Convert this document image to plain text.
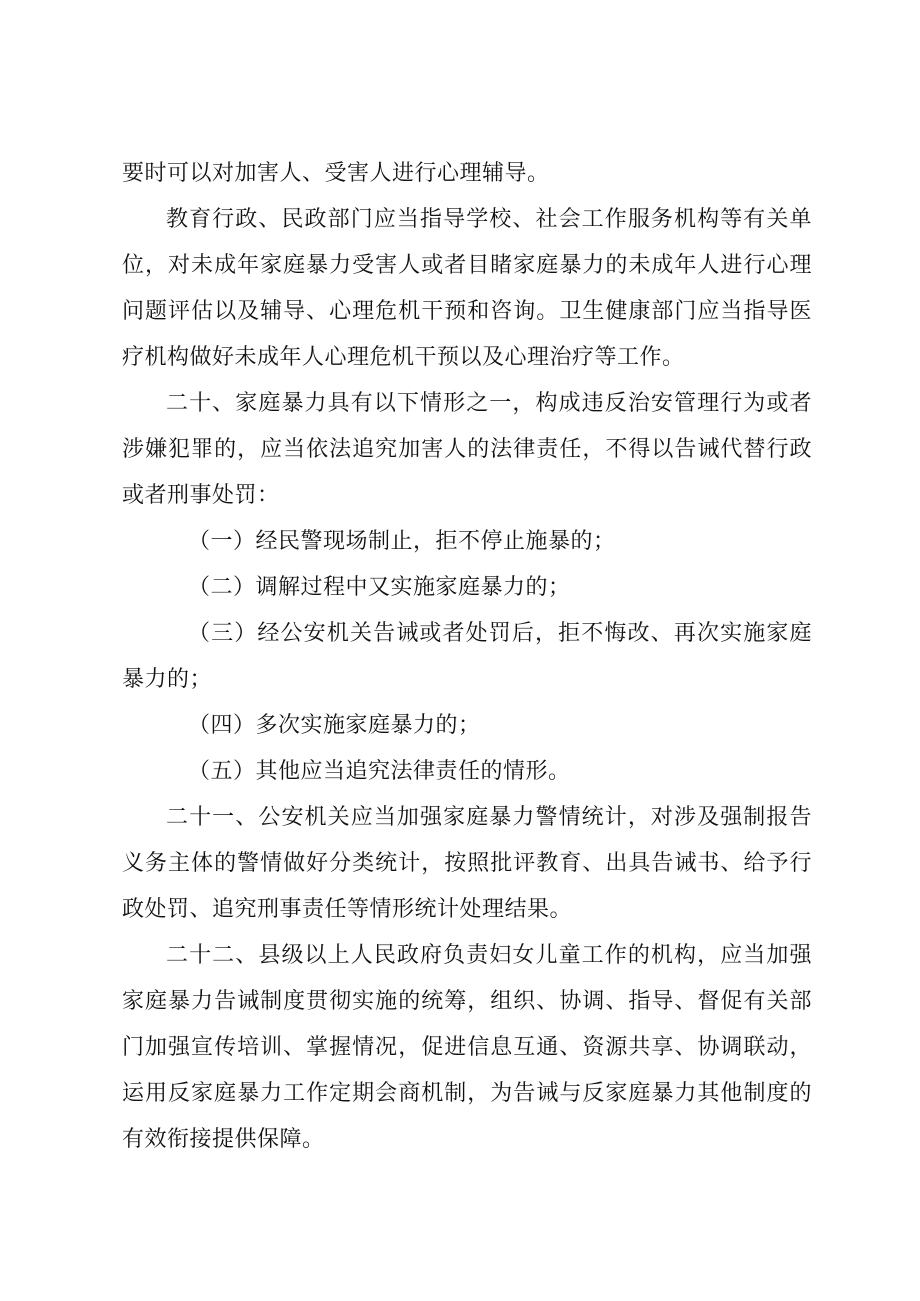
要时可以对加害人、受害人进行心理辅导。

教育行政、民政部门应当指导学校、社会工作服务机构等有关单位，对未成年家庭暴力受害人或者目睹家庭暴力的未成年人进行心理问题评估以及辅导、心理危机干预和咨询。卫生健康部门应当指导医疗机构做好未成年人心理危机干预以及心理治疗等工作。

二十、家庭暴力具有以下情形之一，构成违反治安管理行为或者涉嫌犯罪的，应当依法追究加害人的法律责任，不得以告诫代替行政或者刑事处罚：

（一）经民警现场制止，拒不停止施暴的；

（二）调解过程中又实施家庭暴力的；

（三）经公安机关告诫或者处罚后，拒不悔改、再次实施家庭暴力的；

（四）多次实施家庭暴力的；

（五）其他应当追究法律责任的情形。

二十一、公安机关应当加强家庭暴力警情统计，对涉及强制报告义务主体的警情做好分类统计，按照批评教育、出具告诫书、给予行政处罚、追究刑事责任等情形统计处理结果。

二十二、县级以上人民政府负责妇女儿童工作的机构，应当加强家庭暴力告诫制度贯彻实施的统筹，组织、协调、指导、督促有关部门加强宣传培训、掌握情况，促进信息互通、资源共享、协调联动，运用反家庭暴力工作定期会商机制，为告诫与反家庭暴力其他制度的有效衔接提供保障。
